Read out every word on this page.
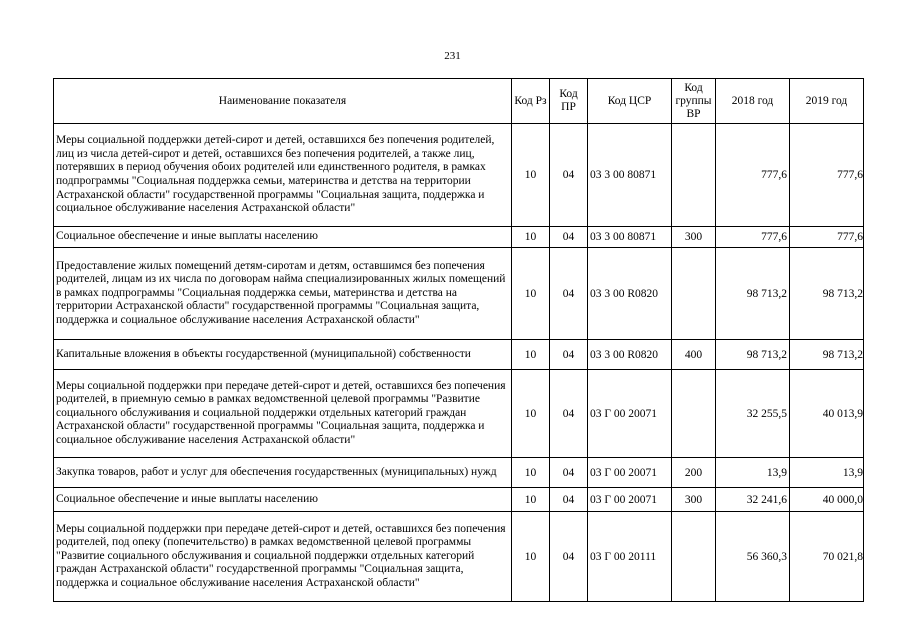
231
Наименование показателя	Код Рз	Код ПР	Код ЦСР	Код группы ВР	2018 год	2019 год
Меры социальной поддержки детей-сирот и детей, оставшихся без попечения родителей, лиц из числа детей-сирот и детей, оставшихся без попечения родителей, а также лиц, потерявших в период обучения обоих родителей или единственного родителя, в рамках подпрограммы "Социальная поддержка семьи, материнства и детства на территории Астраханской области" государственной программы "Социальная защита, поддержка и социальное обслуживание населения Астраханской области"	10	04	03 3 00 80871		777,6	777,6
Социальное обеспечение и иные выплаты населению	10	04	03 3 00 80871	300	777,6	777,6
Предоставление жилых помещений детям-сиротам и детям, оставшимся без попечения родителей, лицам из их числа по договорам найма специализированных жилых помещений в рамках подпрограммы "Социальная поддержка семьи, материнства и детства на территории Астраханской области" государственной программы "Социальная защита, поддержка и социальное обслуживание населения Астраханской области"	10	04	03 3 00 R0820		98 713,2	98 713,2
Капитальные вложения в объекты государственной (муниципальной) собственности	10	04	03 3 00 R0820	400	98 713,2	98 713,2
Меры социальной поддержки при передаче детей-сирот и детей, оставшихся без попечения родителей, в приемную семью в рамках ведомственной целевой программы "Развитие социального обслуживания и социальной поддержки отдельных категорий граждан Астраханской области" государственной программы "Социальная защита, поддержка и социальное обслуживание населения Астраханской области"	10	04	03 Г 00 20071		32 255,5	40 013,9
Закупка товаров, работ и услуг для обеспечения государственных (муниципальных) нужд	10	04	03 Г 00 20071	200	13,9	13,9
Социальное обеспечение и иные выплаты населению	10	04	03 Г 00 20071	300	32 241,6	40 000,0
Меры социальной поддержки при передаче детей-сирот и детей, оставшихся без попечения родителей, под опеку (попечительство) в рамках ведомственной целевой программы "Развитие социального обслуживания и социальной поддержки отдельных категорий граждан Астраханской области" государственной программы "Социальная защита, поддержка и социальное обслуживание населения Астраханской области"	10	04	03 Г 00 20111		56 360,3	70 021,8
